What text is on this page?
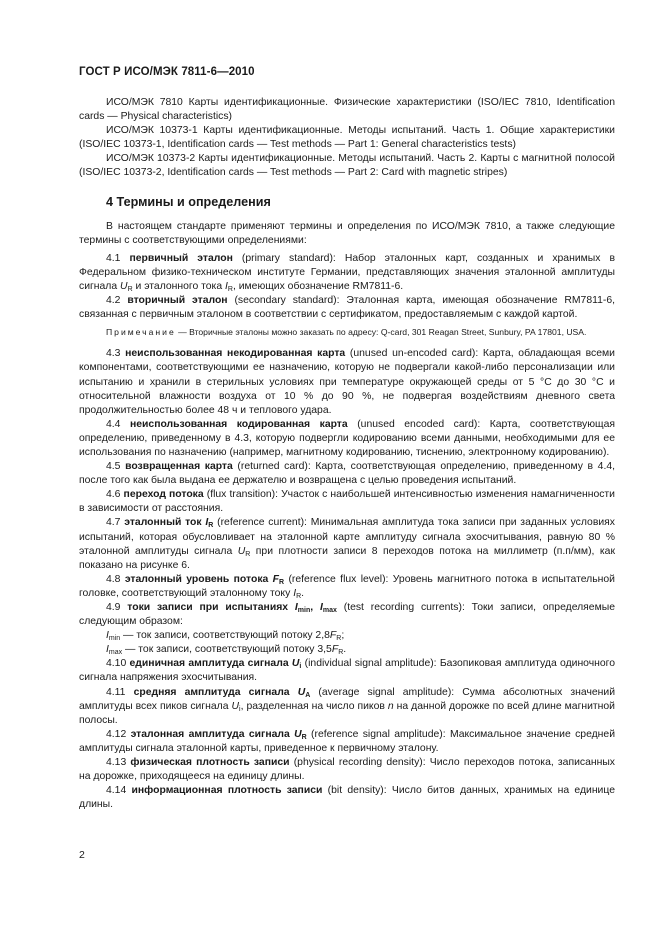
ГОСТ Р ИСО/МЭК 7811-6—2010

ИСО/МЭК 7810 Карты идентификационные. Физические характеристики (ISO/IEC 7810, Identification cards — Physical characteristics)

ИСО/МЭК 10373-1 Карты идентификационные. Методы испытаний. Часть 1. Общие характеристики (ISO/IEC 10373-1, Identification cards — Test methods — Part 1: General characteristics tests)

ИСО/МЭК 10373-2 Карты идентификационные. Методы испытаний. Часть 2. Карты с магнитной полосой (ISO/IEC 10373-2, Identification cards — Test methods — Part 2: Card with magnetic stripes)

4 Термины и определения

В настоящем стандарте применяют термины и определения по ИСО/МЭК 7810, а также следующие термины с соответствующими определениями:

4.1 первичный эталон (primary standard): Набор эталонных карт, созданных и хранимых в Федеральном физико-техническом институте Германии, представляющих значения эталонной амплитуды сигнала $U_R$ и эталонного тока $I_R$, имеющих обозначение RM7811-6.

4.2 вторичный эталон (secondary standard): Эталонная карта, имеющая обозначение RM7811-6, связанная с первичным эталоном в соответствии с сертификатом, предоставляемым с каждой картой.

Примечание — Вторичные эталоны можно заказать по адресу: Q-card, 301 Reagan Street, Sunbury, PA 17801, USA.

4.3 неиспользованная некодированная карта (unused un-encoded card): Карта, обладающая всеми компонентами, соответствующими ее назначению, которую не подвергали какой-либо персонализации или испытанию и хранили в стерильных условиях при температуре окружающей среды от 5 °C до 30 °C и относительной влажности воздуха от 10 % до 90 %, не подвергая воздействиям дневного света продолжительностью более 48 ч и теплового удара.

4.4 неиспользованная кодированная карта (unused encoded card): Карта, соответствующая определению, приведенному в 4.3, которую подвергли кодированию всеми данными, необходимыми для ее использования по назначению (например, магнитному кодированию, тиснению, электронному кодированию).

4.5 возвращенная карта (returned card): Карта, соответствующая определению, приведенному в 4.4, после того как была выдана ее держателю и возвращена с целью проведения испытаний.

4.6 переход потока (flux transition): Участок с наибольшей интенсивностью изменения намагниченности в зависимости от расстояния.

4.7 эталонный ток $I_R$ (reference current): Минимальная амплитуда тока записи при заданных условиях испытаний, которая обусловливает на эталонной карте амплитуду сигнала эхосчитывания, равную 80 % эталонной амплитуды сигнала $U_R$ при плотности записи 8 переходов потока на миллиметр (п.п/мм), как показано на рисунке 6.

4.8 эталонный уровень потока $F_R$ (reference flux level): Уровень магнитного потока в испытательной головке, соответствующий эталонному току $I_R$.

4.9 токи записи при испытаниях $I_{min}$, $I_{max}$ (test recording currents): Токи записи, определяемые следующим образом:

$I_{min}$ — ток записи, соответствующий потоку $2,8F_R$;

$I_{max}$ — ток записи, соответствующий потоку $3,5F_R$.

4.10 единичная амплитуда сигнала $U_i$ (individual signal amplitude): Базопиковая амплитуда одиночного сигнала напряжения эхосчитывания.

4.11 средняя амплитуда сигнала $U_A$ (average signal amplitude): Сумма абсолютных значений амплитуды всех пиков сигнала $U_i$, разделенная на число пиков n на данной дорожке по всей длине магнитной полосы.

4.12 эталонная амплитуда сигнала $U_R$ (reference signal amplitude): Максимальное значение средней амплитуды сигнала эталонной карты, приведенное к первичному эталону.

4.13 физическая плотность записи (physical recording density): Число переходов потока, записанных на дорожке, приходящееся на единицу длины.

4.14 информационная плотность записи (bit density): Число битов данных, хранимых на единице длины.

2
